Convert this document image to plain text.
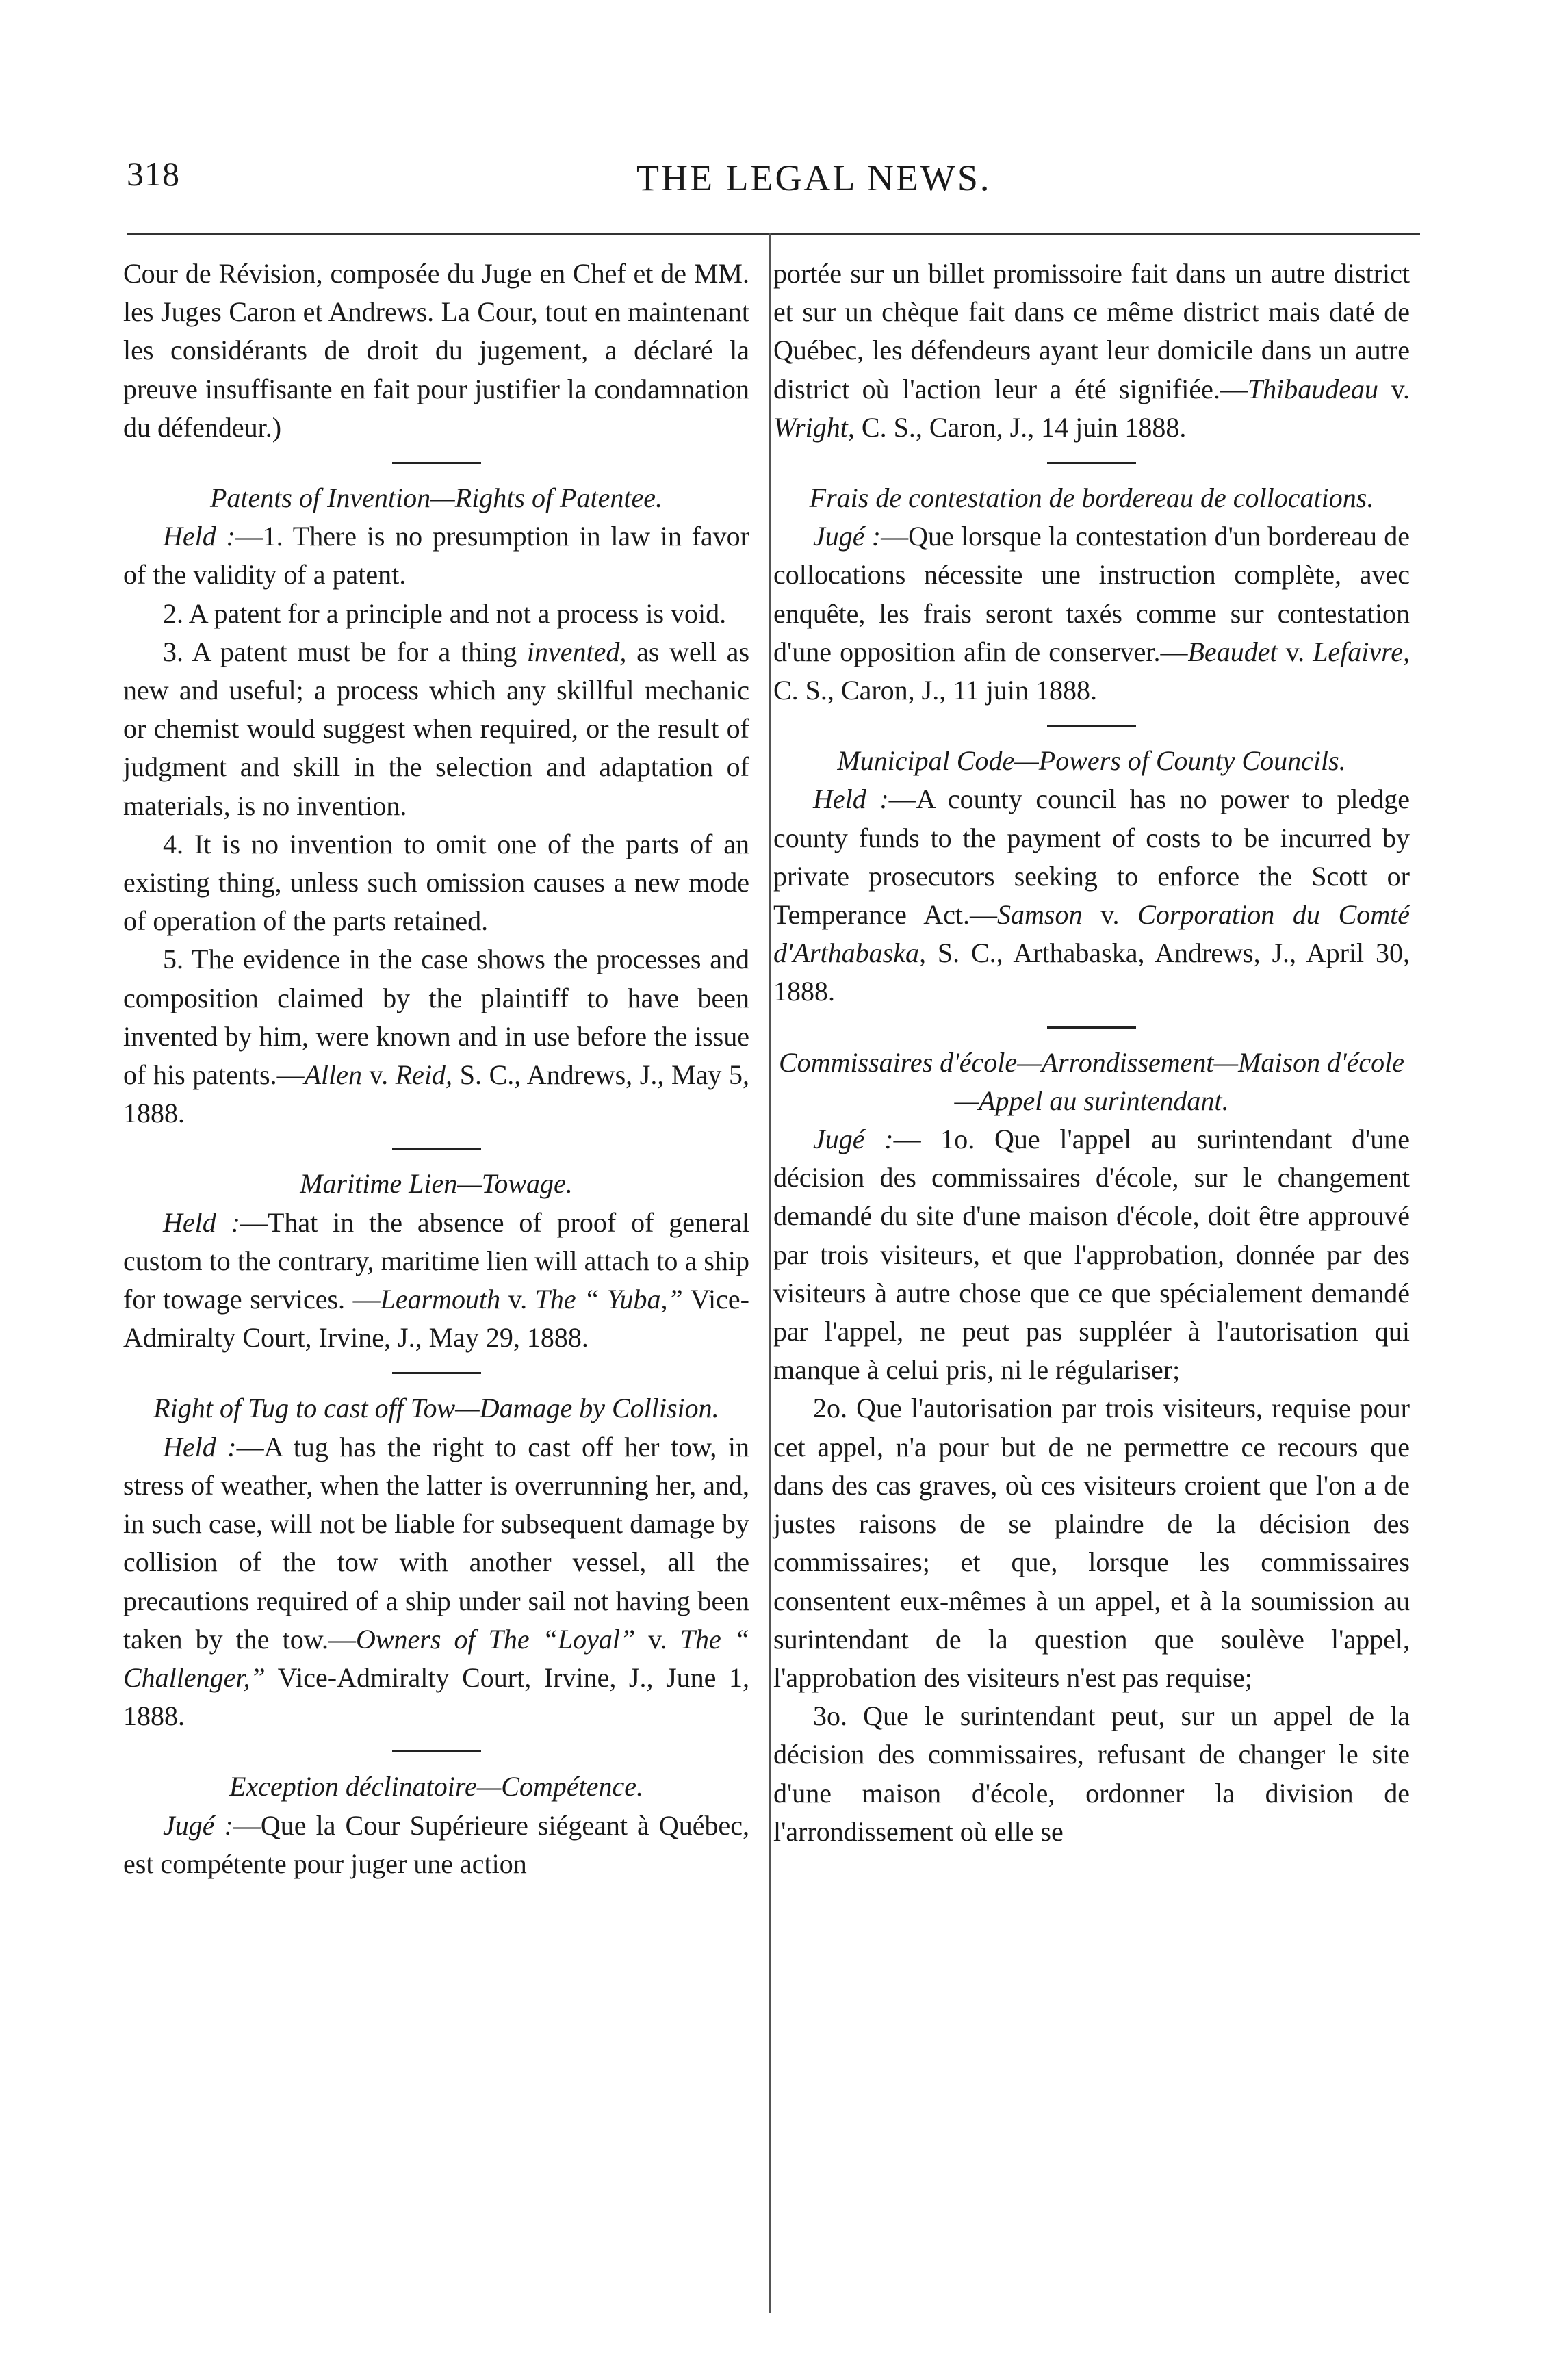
318	THE LEGAL NEWS.

Cour de Révision, composée du Juge en Chef et de MM. les Juges Caron et Andrews. La Cour, tout en maintenant les considérants de droit du jugement, a déclaré la preuve insuffisante en fait pour justifier la condamnation du défendeur.)

Patents of Invention—Rights of Patentee.

Held :—1. There is no presumption in law in favor of the validity of a patent.

2. A patent for a principle and not a process is void.

3. A patent must be for a thing invented, as well as new and useful; a process which any skillful mechanic or chemist would suggest when required, or the result of judgment and skill in the selection and adaptation of materials, is no invention.

4. It is no invention to omit one of the parts of an existing thing, unless such omission causes a new mode of operation of the parts retained.

5. The evidence in the case shows the processes and composition claimed by the plaintiff to have been invented by him, were known and in use before the issue of his patents.—Allen v. Reid, S. C., Andrews, J., May 5, 1888.

Maritime Lien—Towage.

Held :—That in the absence of proof of general custom to the contrary, maritime lien will attach to a ship for towage services. —Learmouth v. The “ Yuba,” Vice-Admiralty Court, Irvine, J., May 29, 1888.

Right of Tug to cast off Tow—Damage by Collision.

Held :—A tug has the right to cast off her tow, in stress of weather, when the latter is overrunning her, and, in such case, will not be liable for subsequent damage by collision of the tow with another vessel, all the precautions required of a ship under sail not having been taken by the tow.—Owners of The “Loyal” v. The “ Challenger,” Vice-Admiralty Court, Irvine, J., June 1, 1888.

Exception déclinatoire—Compétence.

Jugé :—Que la Cour Supérieure siégeant à Québec, est compétente pour juger une action

portée sur un billet promissoire fait dans un autre district et sur un chèque fait dans ce même district mais daté de Québec, les défendeurs ayant leur domicile dans un autre district où l'action leur a été signifiée.—Thibaudeau v. Wright, C. S., Caron, J., 14 juin 1888.

Frais de contestation de bordereau de collocations.

Jugé :—Que lorsque la contestation d'un bordereau de collocations nécessite une instruction complète, avec enquête, les frais seront taxés comme sur contestation d'une opposition afin de conserver.—Beaudet v. Lefaivre, C. S., Caron, J., 11 juin 1888.

Municipal Code—Powers of County Councils.

Held :—A county council has no power to pledge county funds to the payment of costs to be incurred by private prosecutors seeking to enforce the Scott or Temperance Act.—Samson v. Corporation du Comté d'Arthabaska, S. C., Arthabaska, Andrews, J., April 30, 1888.

Commissaires d'école—Arrondissement—Maison d'école—Appel au surintendant.

Jugé :— 1o. Que l'appel au surintendant d'une décision des commissaires d'école, sur le changement demandé du site d'une maison d'école, doit être approuvé par trois visiteurs, et que l'approbation, donnée par des visiteurs à autre chose que ce que spécialement demandé par l'appel, ne peut pas suppléer à l'autorisation qui manque à celui pris, ni le régulariser;

2o. Que l'autorisation par trois visiteurs, requise pour cet appel, n'a pour but de ne permettre ce recours que dans des cas graves, où ces visiteurs croient que l'on a de justes raisons de se plaindre de la décision des commissaires; et que, lorsque les commissaires consentent eux-mêmes à un appel, et à la soumission au surintendant de la question que soulève l'appel, l'approbation des visiteurs n'est pas requise;

3o. Que le surintendant peut, sur un appel de la décision des commissaires, refusant de changer le site d'une maison d'école, ordonner la division de l'arrondissement où elle se
